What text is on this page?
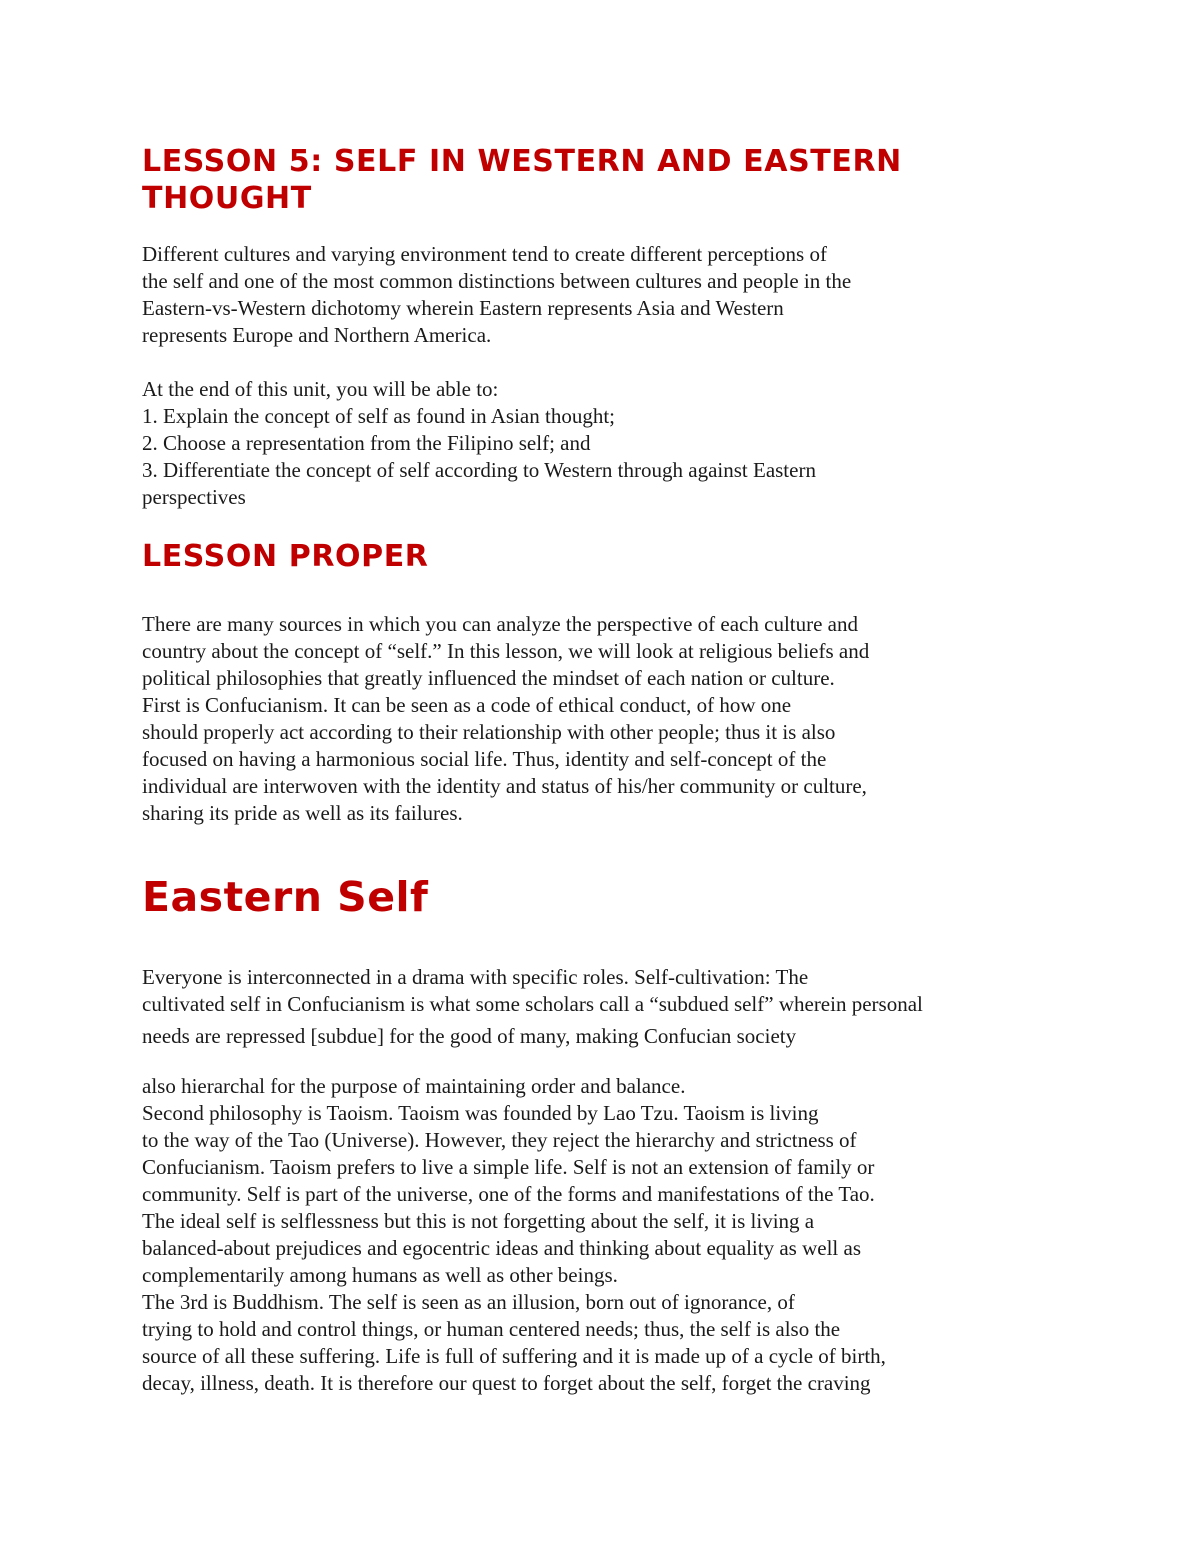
LESSON 5: SELF IN WESTERN AND EASTERN
THOUGHT

Different cultures and varying environment tend to create different perceptions of

the self and one of the most common distinctions between cultures and people in the

Eastern-vs-Western dichotomy wherein Eastern represents Asia and Western

represents Europe and Northern America.

At the end of this unit, you will be able to:

1. Explain the concept of self as found in Asian thought;

2. Choose a representation from the Filipino self; and

3. Differentiate the concept of self according to Western through against Eastern

perspectives

LESSON PROPER

There are many sources in which you can analyze the perspective of each culture and

country about the concept of “self.” In this lesson, we will look at religious beliefs and

political philosophies that greatly influenced the mindset of each nation or culture.

First is Confucianism. It can be seen as a code of ethical conduct, of how one

should properly act according to their relationship with other people; thus it is also

focused on having a harmonious social life. Thus, identity and self-concept of the

individual are interwoven with the identity and status of his/her community or culture,

sharing its pride as well as its failures.

Eastern Self

Everyone is interconnected in a drama with specific roles. Self-cultivation: The

cultivated self in Confucianism is what some scholars call a “subdued self” wherein personal

needs are repressed [subdue] for the good of many, making Confucian society

also hierarchal for the purpose of maintaining order and balance.

Second philosophy is Taoism. Taoism was founded by Lao Tzu. Taoism is living

to the way of the Tao (Universe). However, they reject the hierarchy and strictness of

Confucianism. Taoism prefers to live a simple life. Self is not an extension of family or

community. Self is part of the universe, one of the forms and manifestations of the Tao.

The ideal self is selflessness but this is not forgetting about the self, it is living a

balanced-about prejudices and egocentric ideas and thinking about equality as well as

complementarily among humans as well as other beings.

The 3rd is Buddhism. The self is seen as an illusion, born out of ignorance, of

trying to hold and control things, or human centered needs; thus, the self is also the

source of all these suffering. Life is full of suffering and it is made up of a cycle of birth,

decay, illness, death. It is therefore our quest to forget about the self, forget the craving
